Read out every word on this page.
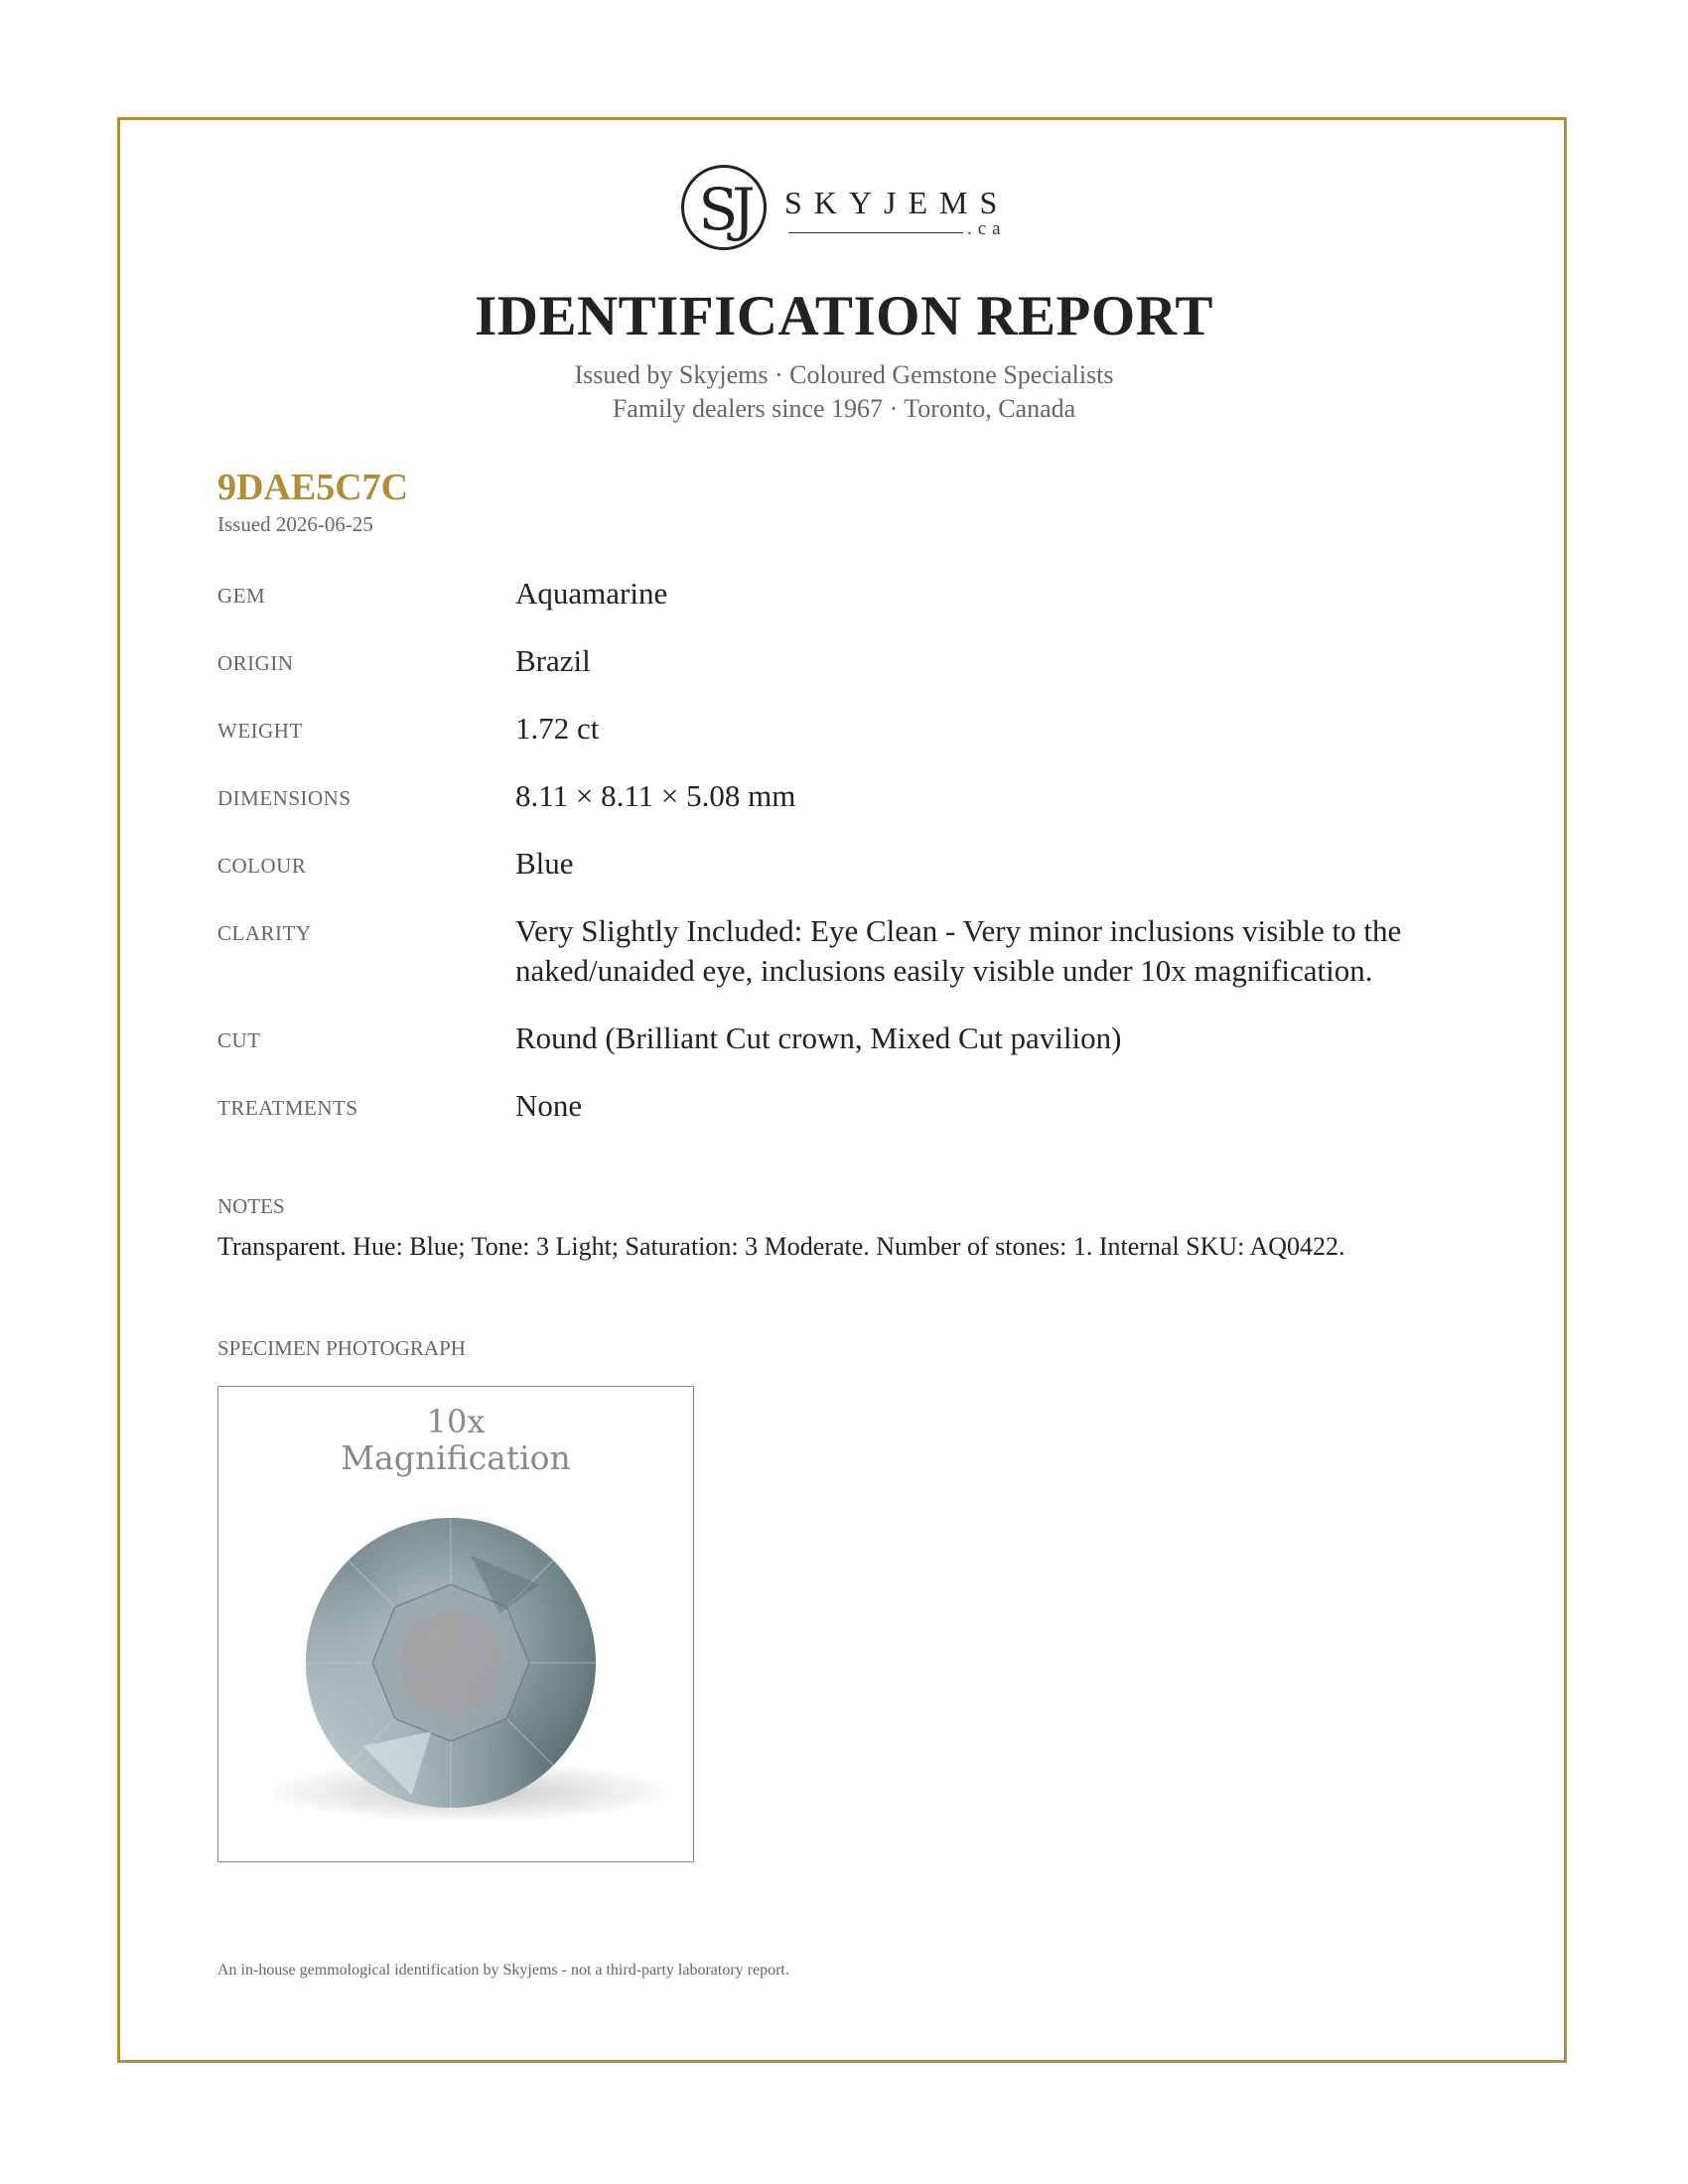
SJ	SKYJEMS
.ca
IDENTIFICATION REPORT
Issued by Skyjems · Coloured Gemstone Specialists
Family dealers since 1967 · Toronto, Canada
9DAE5C7C
Issued 2026-06-25
GEM	Aquamarine
ORIGIN	Brazil
WEIGHT	1.72 ct
DIMENSIONS	8.11 × 8.11 × 5.08 mm
COLOUR	Blue
CLARITY	Very Slightly Included: Eye Clean - Very minor inclusions visible to the naked/unaided eye, inclusions easily visible under 10x magnification.
CUT	Round (Brilliant Cut crown, Mixed Cut pavilion)
TREATMENTS	None
NOTES
Transparent. Hue: Blue; Tone: 3 Light; Saturation: 3 Moderate. Number of stones: 1. Internal SKU: AQ0422.
SPECIMEN PHOTOGRAPH
10x
Magnification
An in-house gemmological identification by Skyjems - not a third-party laboratory report.
